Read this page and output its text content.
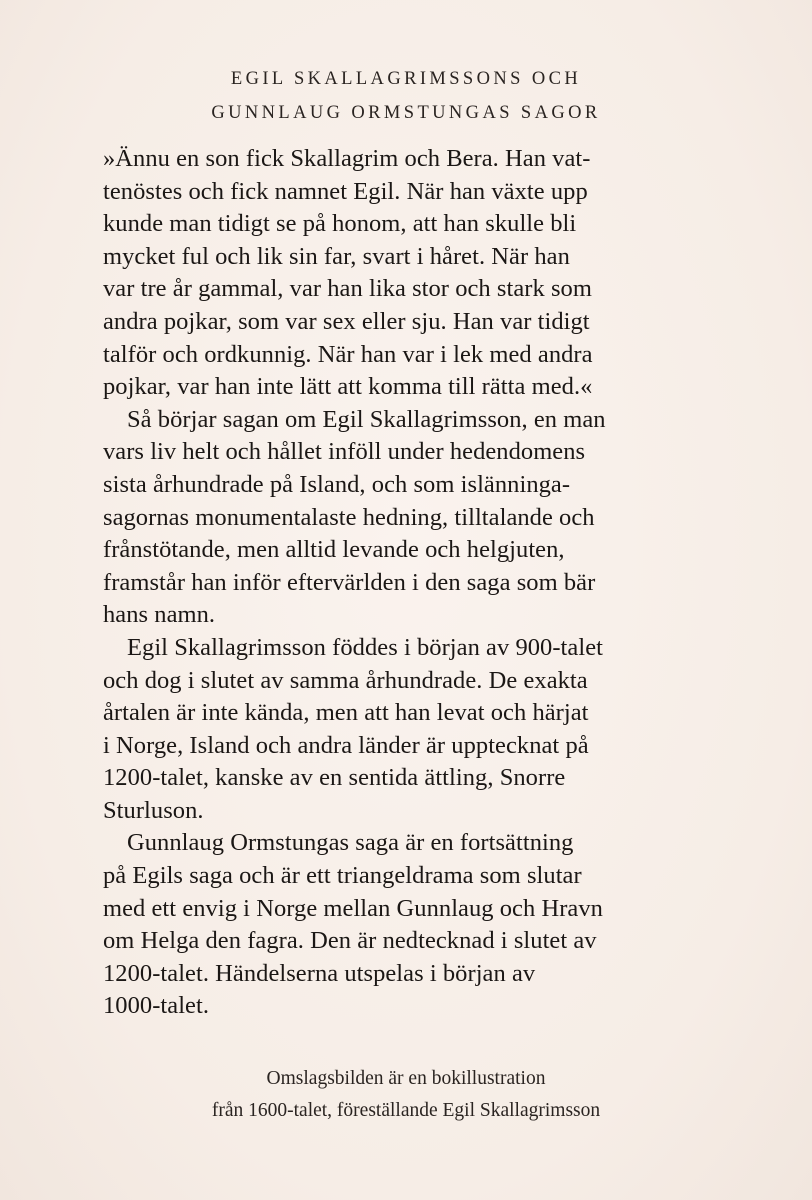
EGIL SKALLAGRIMSSONS OCH
GUNNLAUG ORMSTUNGAS SAGOR
»Ännu en son fick Skallagrim och Bera. Han vat-
tenöstes och fick namnet Egil. När han växte upp
kunde man tidigt se på honom, att han skulle bli
mycket ful och lik sin far, svart i håret. När han
var tre år gammal, var han lika stor och stark som
andra pojkar, som var sex eller sju. Han var tidigt
talför och ordkunnig. När han var i lek med andra
pojkar, var han inte lätt att komma till rätta med.«
Så börjar sagan om Egil Skallagrimsson, en man
vars liv helt och hållet inföll under hedendomens
sista århundrade på Island, och som islänninga-
sagornas monumentalaste hedning, tilltalande och
frånstötande, men alltid levande och helgjuten,
framstår han inför eftervärlden i den saga som bär
hans namn.
Egil Skallagrimsson föddes i början av 900-talet
och dog i slutet av samma århundrade. De exakta
årtalen är inte kända, men att han levat och härjat
i Norge, Island och andra länder är upptecknat på
1200-talet, kanske av en sentida ättling, Snorre
Sturluson.
Gunnlaug Ormstungas saga är en fortsättning
på Egils saga och är ett triangeldrama som slutar
med ett envig i Norge mellan Gunnlaug och Hravn
om Helga den fagra. Den är nedtecknad i slutet av
1200-talet. Händelserna utspelas i början av
1000-talet.
Omslagsbilden är en bokillustration
från 1600-talet, föreställande Egil Skallagrimsson
